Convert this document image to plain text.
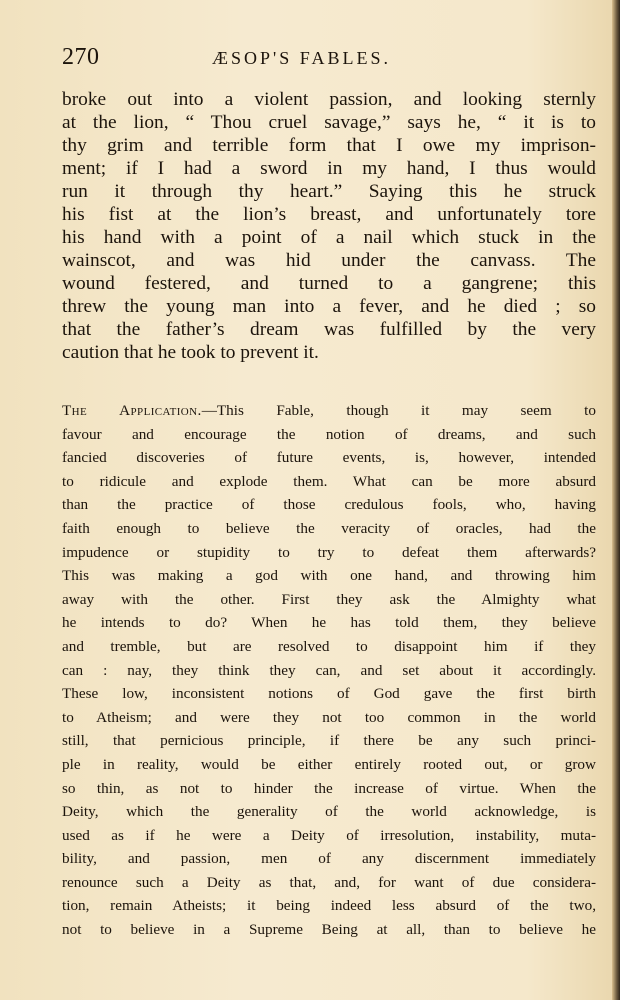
270	ÆSOP'S FABLES.
broke out into a violent passion, and looking sternly
at the lion, “ Thou cruel savage,” says he, “ it is to
thy grim and terrible form that I owe my imprison-
ment; if I had a sword in my hand, I thus would
run it through thy heart.” Saying this he struck
his fist at the lion’s breast, and unfortunately tore
his hand with a point of a nail which stuck in the
wainscot, and was hid under the canvass. The
wound festered, and turned to a gangrene; this
threw the young man into a fever, and he died ; so
that the father’s dream was fulfilled by the very
caution that he took to prevent it.
The Application.—This Fable, though it may seem to
favour and encourage the notion of dreams, and such
fancied discoveries of future events, is, however, intended
to ridicule and explode them. What can be more absurd
than the practice of those credulous fools, who, having
faith enough to believe the veracity of oracles, had the
impudence or stupidity to try to defeat them afterwards?
This was making a god with one hand, and throwing him
away with the other. First they ask the Almighty what
he intends to do? When he has told them, they believe
and tremble, but are resolved to disappoint him if they
can : nay, they think they can, and set about it accordingly.
These low, inconsistent notions of God gave the first birth
to Atheism; and were they not too common in the world
still, that pernicious principle, if there be any such princi-
ple in reality, would be either entirely rooted out, or grow
so thin, as not to hinder the increase of virtue. When the
Deity, which the generality of the world acknowledge, is
used as if he were a Deity of irresolution, instability, muta-
bility, and passion, men of any discernment immediately
renounce such a Deity as that, and, for want of due considera-
tion, remain Atheists; it being indeed less absurd of the two,
not to believe in a Supreme Being at all, than to believe he
